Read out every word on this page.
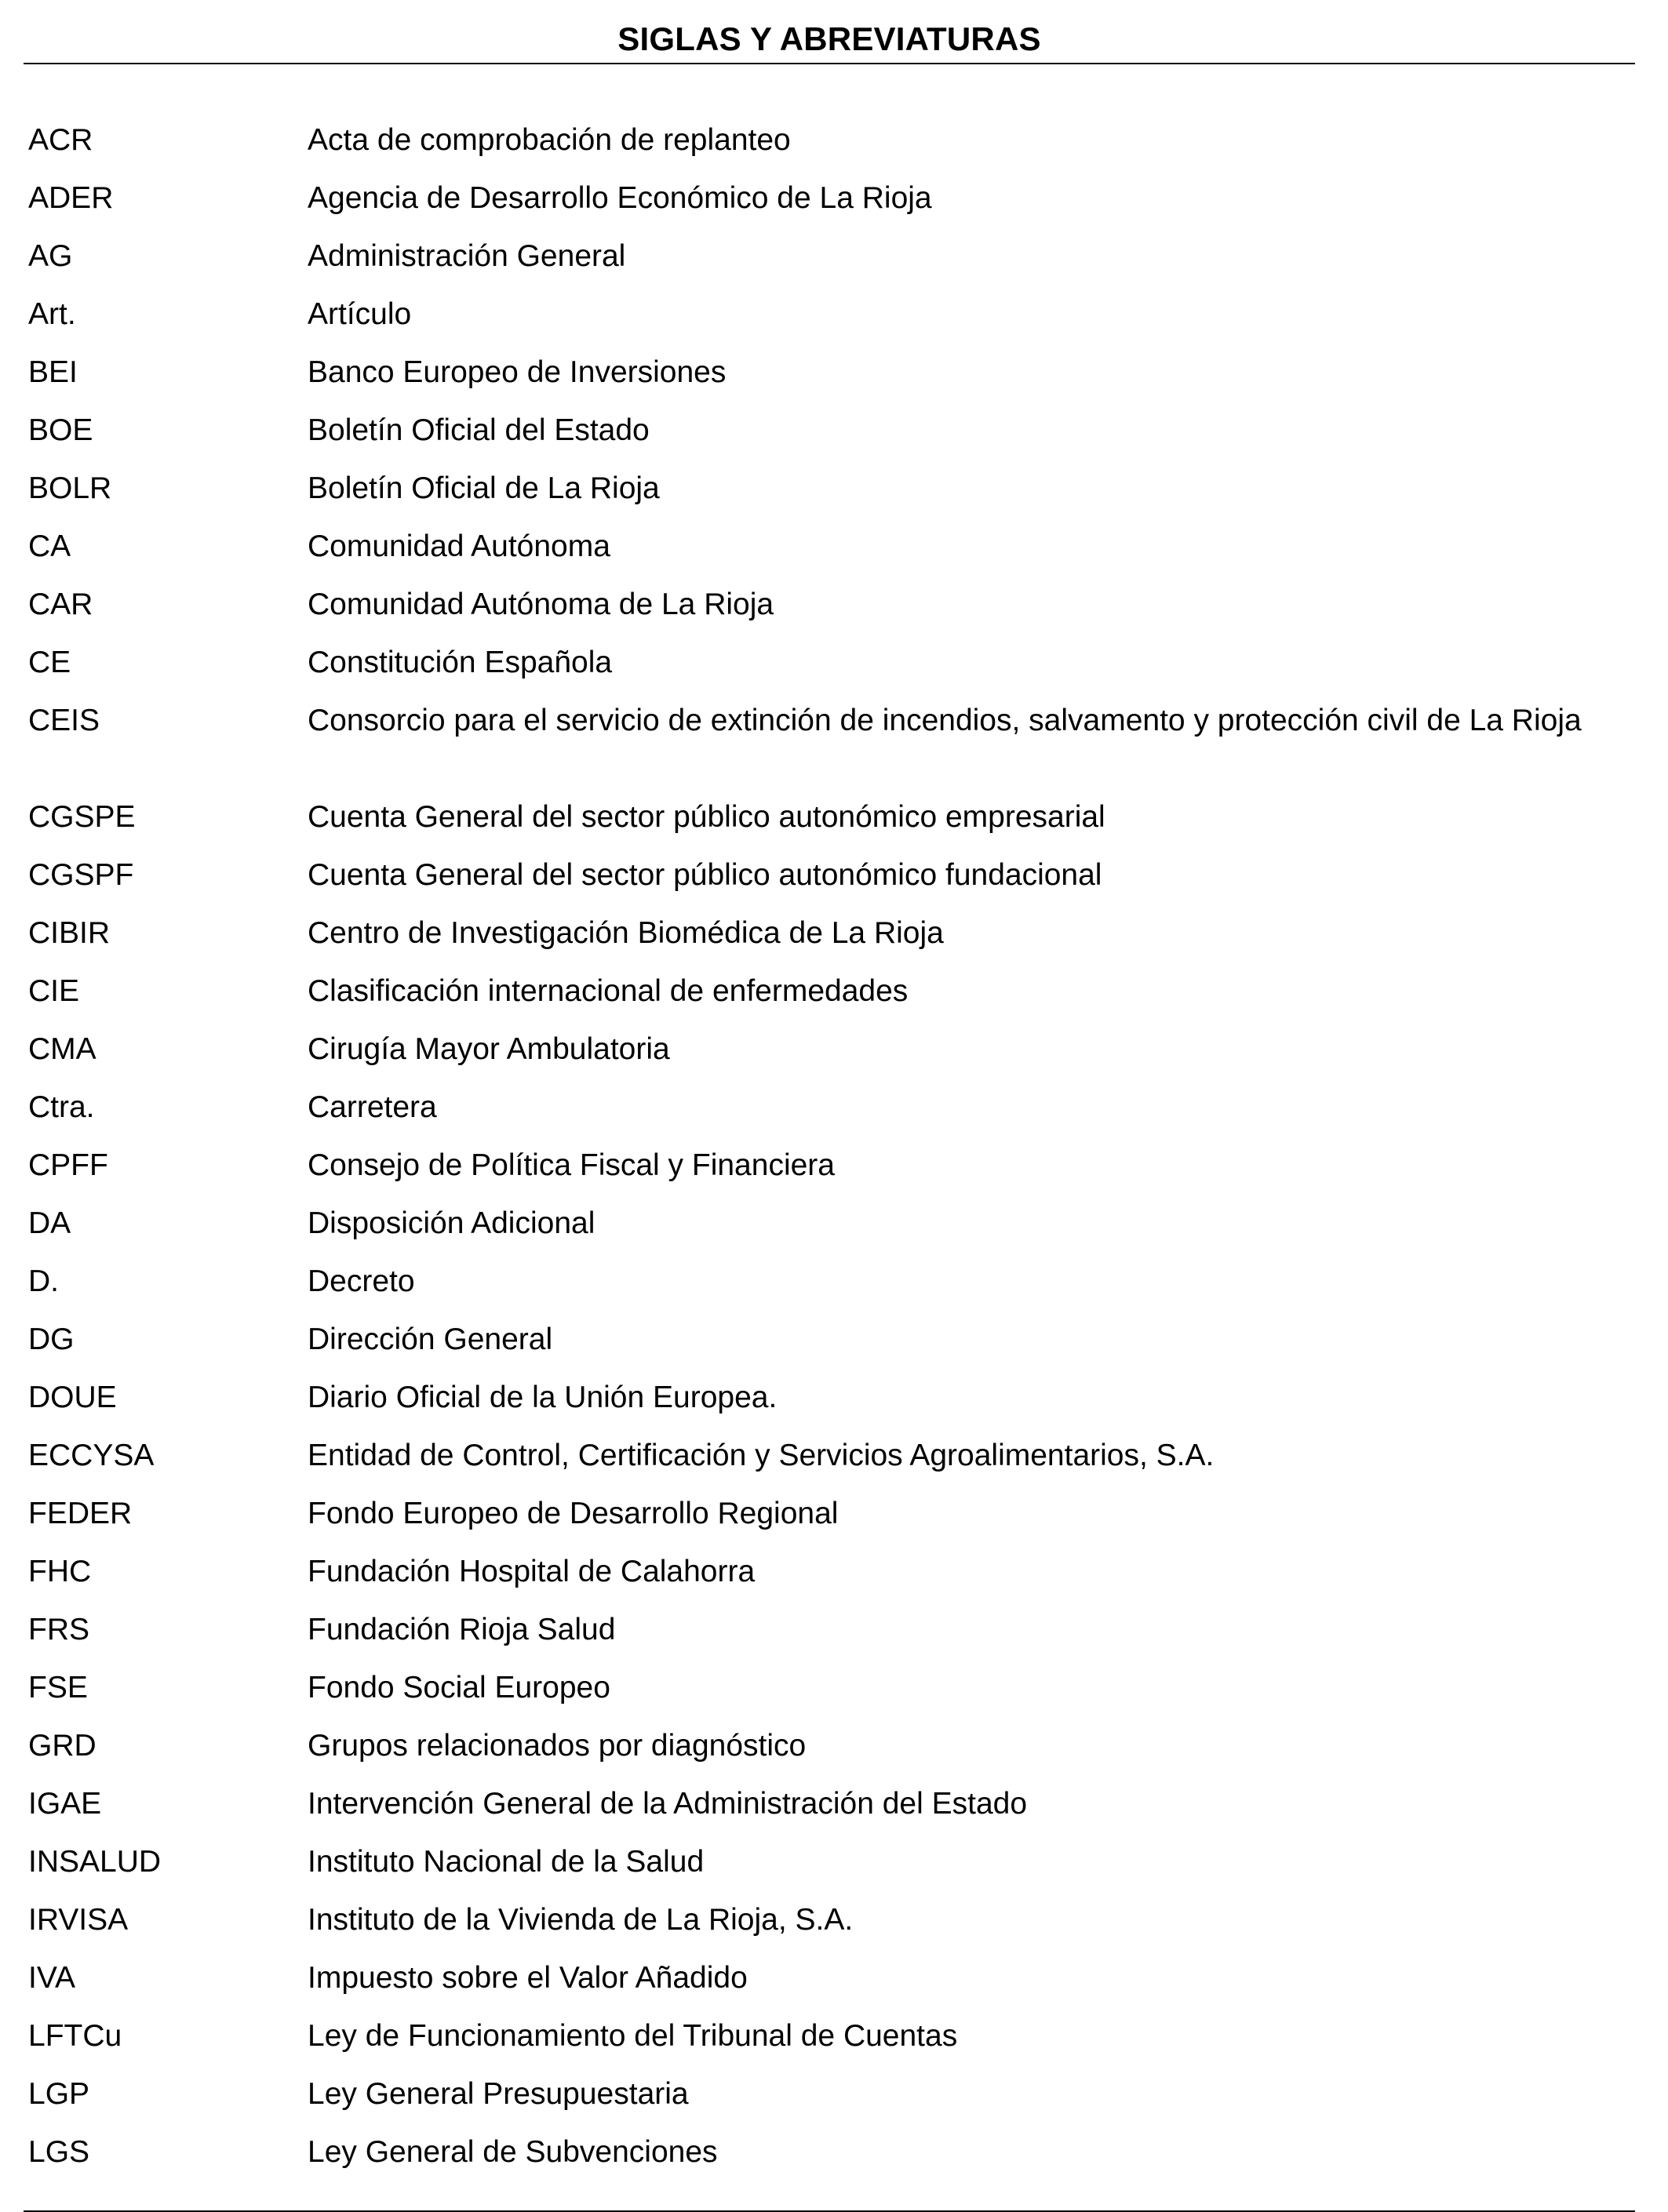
SIGLAS Y ABREVIATURAS
ACR	Acta de comprobación de replanteo
ADER	Agencia de Desarrollo Económico de La Rioja
AG	Administración General
Art.	Artículo
BEI	Banco Europeo de Inversiones
BOE	Boletín Oficial del Estado
BOLR	Boletín Oficial de La Rioja
CA	Comunidad Autónoma
CAR	Comunidad Autónoma de La Rioja
CE	Constitución Española
CEIS	Consorcio para el servicio de extinción de incendios, salvamento y protección civil de La Rioja
CGSPE	Cuenta General del sector público autonómico empresarial
CGSPF	Cuenta General del sector público autonómico fundacional
CIBIR	Centro de Investigación Biomédica de La Rioja
CIE	Clasificación internacional de enfermedades
CMA	Cirugía Mayor Ambulatoria
Ctra.	Carretera
CPFF	Consejo de Política Fiscal y Financiera
DA	Disposición Adicional
D.	Decreto
DG	Dirección General
DOUE	Diario Oficial de la Unión Europea.
ECCYSA	Entidad de Control, Certificación y Servicios Agroalimentarios, S.A.
FEDER	Fondo Europeo de Desarrollo Regional
FHC	Fundación Hospital de Calahorra
FRS	Fundación Rioja Salud
FSE	Fondo Social Europeo
GRD	Grupos relacionados por diagnóstico
IGAE	Intervención General de la Administración del Estado
INSALUD	Instituto Nacional de la Salud
IRVISA	Instituto de la Vivienda de La Rioja, S.A.
IVA	Impuesto sobre el Valor Añadido
LFTCu	Ley de Funcionamiento del Tribunal de Cuentas
LGP	Ley General Presupuestaria
LGS	Ley General de Subvenciones
